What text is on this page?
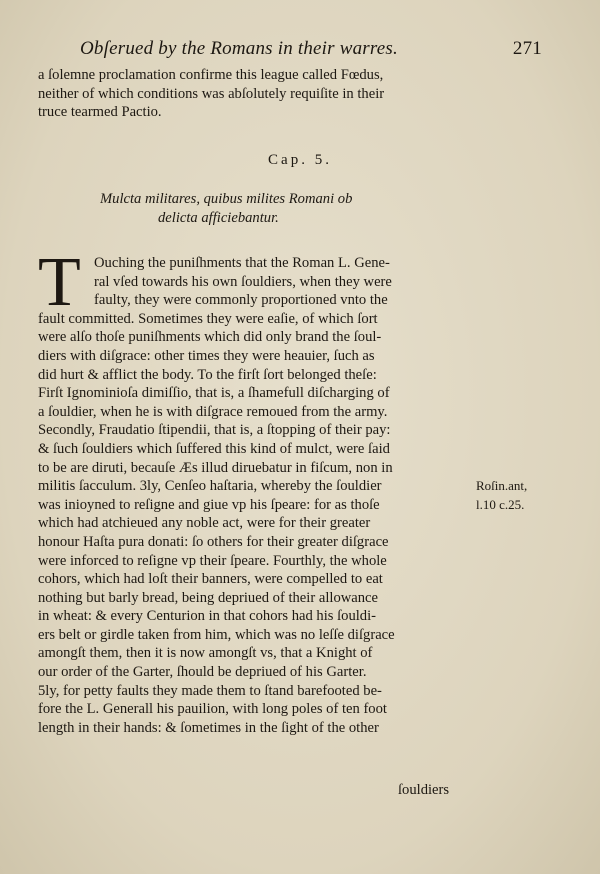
Obſerued by the Romans in their warres.	271
a ſolemne proclamation confirme this league called Fœdus,
neither of which conditions was abſolutely requiſite in their
truce tearmed Pactio.
Cap. 5.
Mulcta militares, quibus milites Romani ob
delicta afficiebantur.
T Ouching the puniſhments that the Roman L. Gene-
ral vſed towards his own ſouldiers, when they were
faulty, they were commonly proportioned vnto the
fault committed. Sometimes they were eaſie, of which ſort
were alſo thoſe puniſhments which did only brand the ſoul-
diers with diſgrace: other times they were heauier, ſuch as
did hurt & afflict the body. To the firſt ſort belonged theſe:
Firſt Ignominioſa dimiſſio, that is, a ſhamefull diſcharging of
a ſouldier, when he is with diſgrace remoued from the army.
Secondly, Fraudatio ſtipendii, that is, a ſtopping of their pay:
& ſuch ſouldiers which ſuffered this kind of mulct, were ſaid
to be are diruti, becauſe Æs illud diruebatur in fiſcum, non in
militis ſacculum. 3ly, Cenſeo haſtaria, whereby the ſouldier
was inioyned to reſigne and giue vp his ſpeare: for as thoſe
which had atchieued any noble act, were for their greater
honour Haſta pura donati: ſo others for their greater diſgrace
were inforced to reſigne vp their ſpeare. Fourthly, the whole
cohors, which had loſt their banners, were compelled to eat
nothing but barly bread, being depriued of their allowance
in wheat: & every Centurion in that cohors had his ſouldi-
ers belt or girdle taken from him, which was no leſſe diſgrace
amongſt them, then it is now amongſt vs, that a Knight of
our order of the Garter, ſhould be depriued of his Garter.
5ly, for petty faults they made them to ſtand barefooted be-
fore the L. Generall his pauilion, with long poles of ten foot
length in their hands: & ſometimes in the ſight of the other
Roſin.ant,
l.10 c.25.
ſouldiers
